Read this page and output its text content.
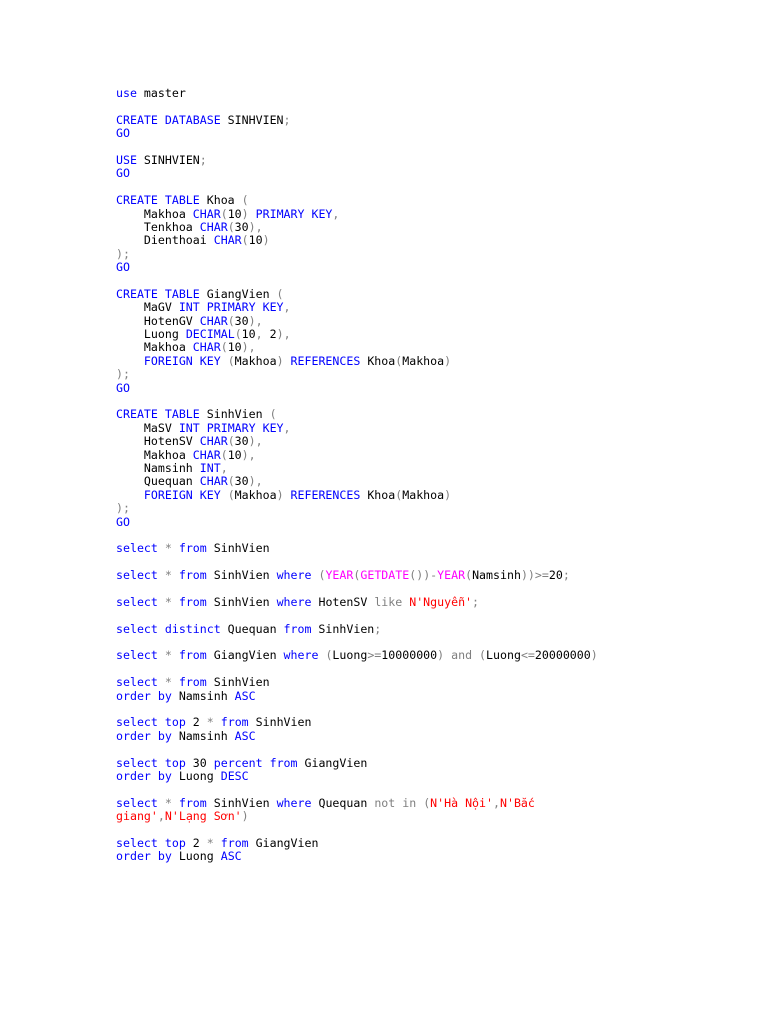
use master
CREATE DATABASE SINHVIEN;
GO
USE SINHVIEN;
GO
CREATE TABLE Khoa (
Makhoa CHAR(10) PRIMARY KEY,
Tenkhoa CHAR(30),
Dienthoai CHAR(10)
);
GO
CREATE TABLE GiangVien (
MaGV INT PRIMARY KEY,
HotenGV CHAR(30),
Luong DECIMAL(10, 2),
Makhoa CHAR(10),
FOREIGN KEY (Makhoa) REFERENCES Khoa(Makhoa)
);
GO
CREATE TABLE SinhVien (
MaSV INT PRIMARY KEY,
HotenSV CHAR(30),
Makhoa CHAR(10),
Namsinh INT,
Quequan CHAR(30),
FOREIGN KEY (Makhoa) REFERENCES Khoa(Makhoa)
);
GO
select * from SinhVien
select * from SinhVien where (YEAR(GETDATE())-YEAR(Namsinh))>=20;
select * from SinhVien where HotenSV like N'Nguyễn';
select distinct Quequan from SinhVien;
select * from GiangVien where (Luong>=10000000) and (Luong<=20000000)
select * from SinhVien
order by Namsinh ASC
select top 2 * from SinhVien
order by Namsinh ASC
select top 30 percent from GiangVien
order by Luong DESC
select * from SinhVien where Quequan not in (N'Hà Nội',N'Bắc
giang',N'Lạng Sơn')
select top 2 * from GiangVien
order by Luong ASC
